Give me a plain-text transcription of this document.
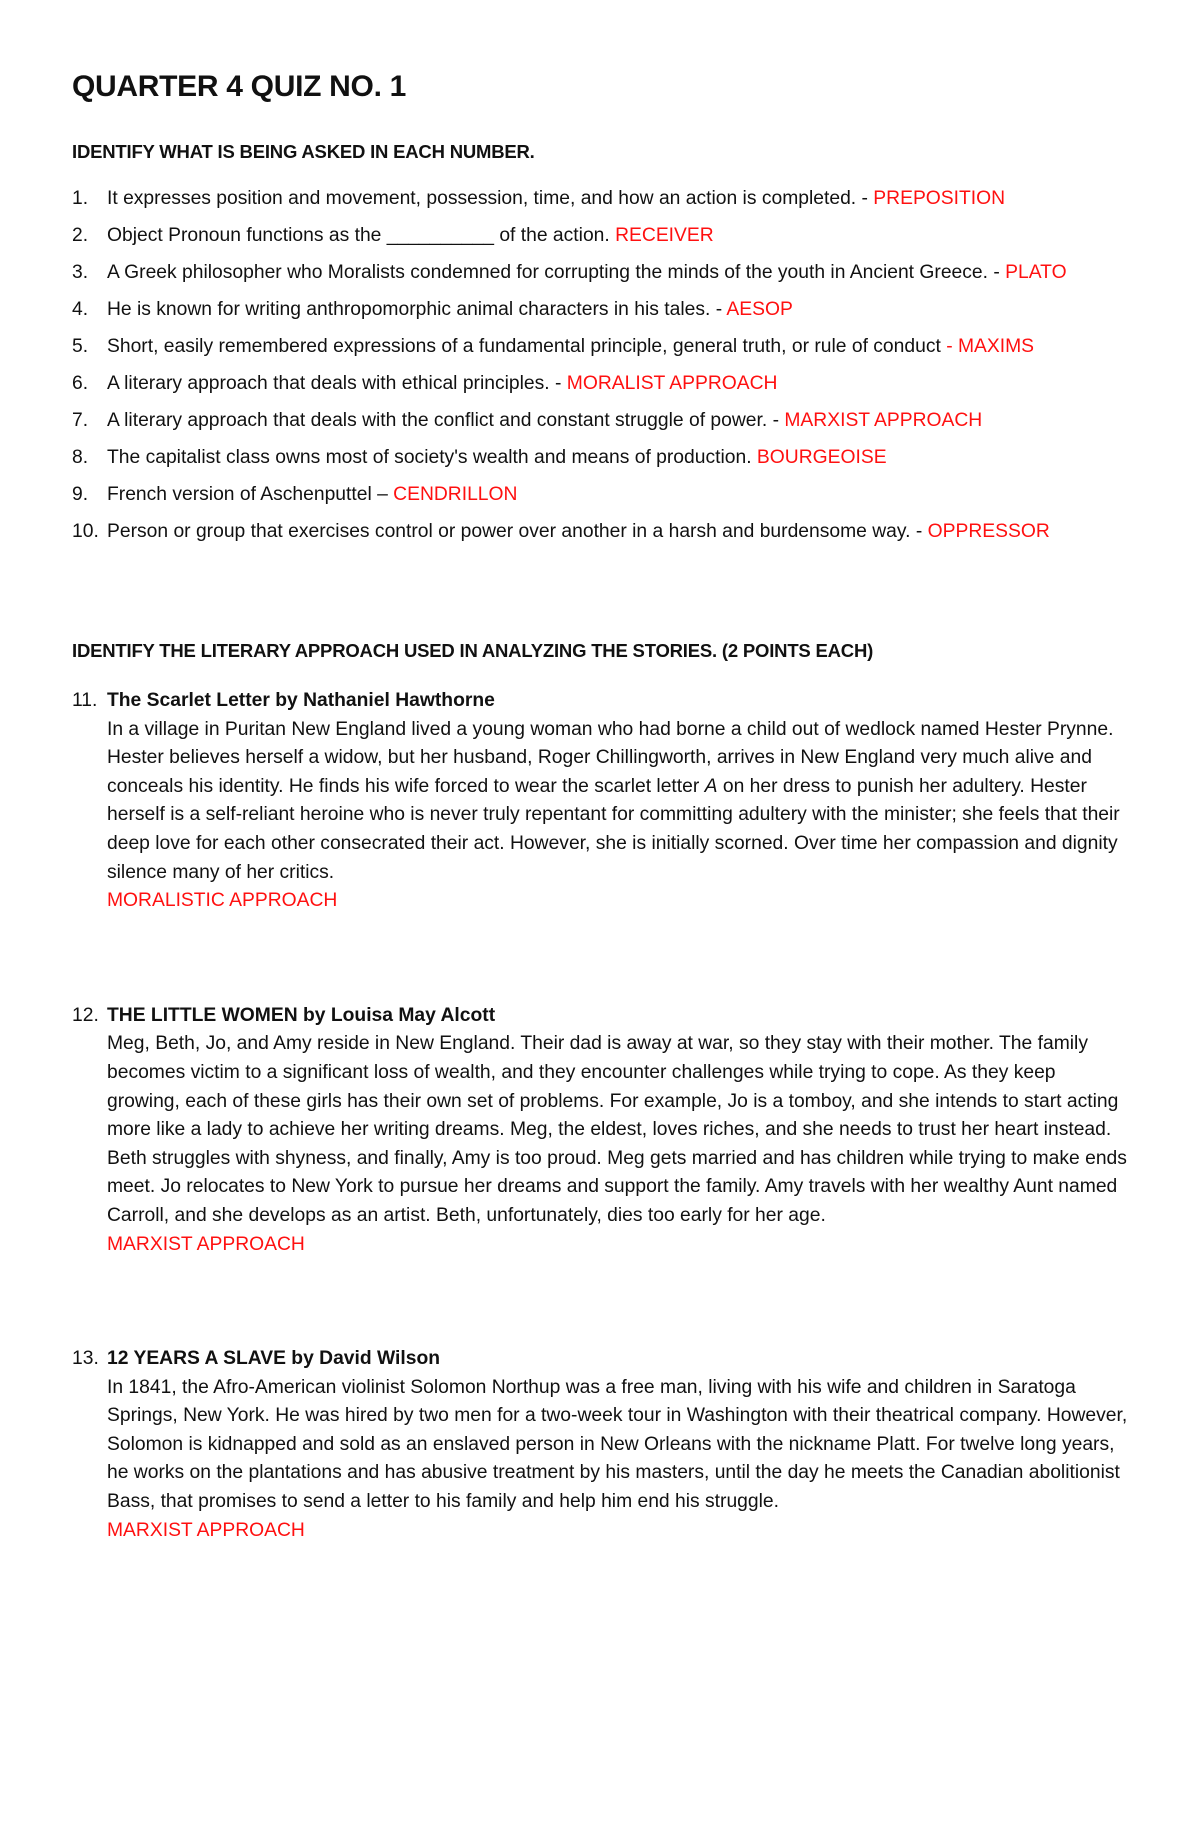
QUARTER 4 QUIZ NO. 1
IDENTIFY WHAT IS BEING ASKED IN EACH NUMBER.
1. It expresses position and movement, possession, time, and how an action is completed. - PREPOSITION
2. Object Pronoun functions as the __________ of the action. RECEIVER
3. A Greek philosopher who Moralists condemned for corrupting the minds of the youth in Ancient Greece. - PLATO
4. He is known for writing anthropomorphic animal characters in his tales. - AESOP
5. Short, easily remembered expressions of a fundamental principle, general truth, or rule of conduct - MAXIMS
6. A literary approach that deals with ethical principles. - MORALIST APPROACH
7. A literary approach that deals with the conflict and constant struggle of power. - MARXIST APPROACH
8. The capitalist class owns most of society's wealth and means of production. BOURGEOISE
9. French version of Aschenputtel – CENDRILLON
10. Person or group that exercises control or power over another in a harsh and burdensome way. - OPPRESSOR
IDENTIFY THE LITERARY APPROACH USED IN ANALYZING THE STORIES. (2 POINTS EACH)
11. The Scarlet Letter by Nathaniel Hawthorne
In a village in Puritan New England lived a young woman who had borne a child out of wedlock named Hester Prynne. Hester believes herself a widow, but her husband, Roger Chillingworth, arrives in New England very much alive and conceals his identity. He finds his wife forced to wear the scarlet letter A on her dress to punish her adultery. Hester herself is a self-reliant heroine who is never truly repentant for committing adultery with the minister; she feels that their deep love for each other consecrated their act. However, she is initially scorned. Over time her compassion and dignity silence many of her critics.
MORALISTIC APPROACH
12. THE LITTLE WOMEN by Louisa May Alcott
Meg, Beth, Jo, and Amy reside in New England. Their dad is away at war, so they stay with their mother. The family becomes victim to a significant loss of wealth, and they encounter challenges while trying to cope. As they keep growing, each of these girls has their own set of problems. For example, Jo is a tomboy, and she intends to start acting more like a lady to achieve her writing dreams. Meg, the eldest, loves riches, and she needs to trust her heart instead. Beth struggles with shyness, and finally, Amy is too proud. Meg gets married and has children while trying to make ends meet. Jo relocates to New York to pursue her dreams and support the family. Amy travels with her wealthy Aunt named Carroll, and she develops as an artist. Beth, unfortunately, dies too early for her age.
MARXIST APPROACH
13. 12 YEARS A SLAVE by David Wilson
In 1841, the Afro-American violinist Solomon Northup was a free man, living with his wife and children in Saratoga Springs, New York. He was hired by two men for a two-week tour in Washington with their theatrical company. However, Solomon is kidnapped and sold as an enslaved person in New Orleans with the nickname Platt. For twelve long years, he works on the plantations and has abusive treatment by his masters, until the day he meets the Canadian abolitionist Bass, that promises to send a letter to his family and help him end his struggle.
MARXIST APPROACH
